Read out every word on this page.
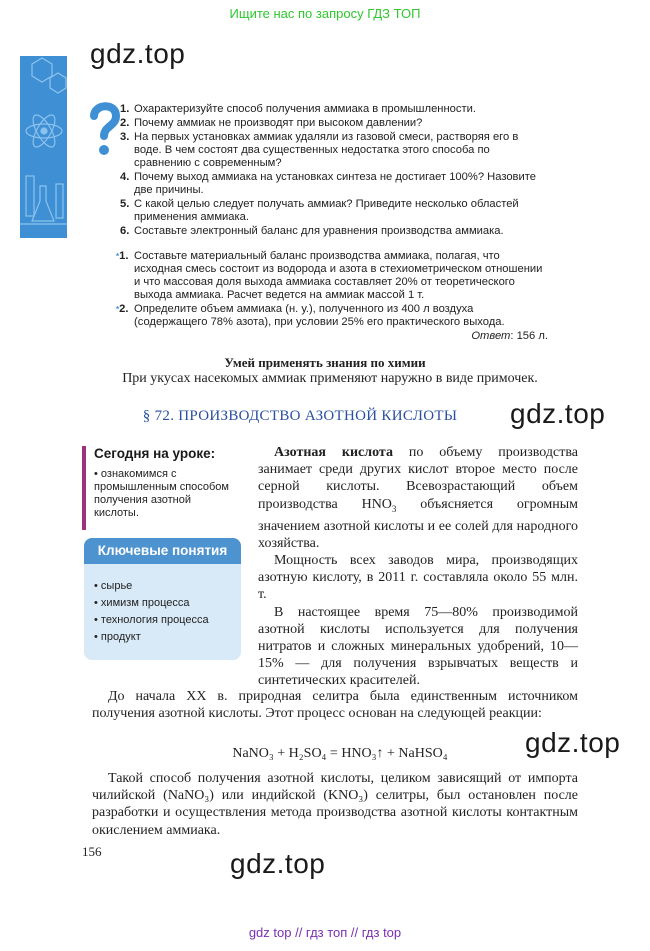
Ищите нас по запросу ГДЗ ТОП
gdz.top
gdz.top
gdz.top
gdz.top
1. Охарактеризуйте способ получения аммиака в промышленности.
2. Почему аммиак не производят при высоком давлении?
3. На первых установках аммиак удаляли из газовой смеси, растворяя его в воде. В чем состоят два существенных недостатка этого способа по сравнению с современным?
4. Почему выход аммиака на установках синтеза не достигает 100%? Назовите две причины.
5. С какой целью следует получать аммиак? Приведите несколько областей применения аммиака.
6. Составьте электронный баланс для уравнения производства аммиака.
*1. Составьте материальный баланс производства аммиака, полагая, что исходная смесь состоит из водорода и азота в стехиометрическом отношении и что массовая доля выхода аммиака составляет 20% от теоретического выхода аммиака. Расчет ведется на аммиак массой 1 т.
*2. Определите объем аммиака (н. у.), полученного из 400 л воздуха (содержащего 78% азота), при условии 25% его практического выхода.
Ответ: 156 л.
Умей применять знания по химии
При укусах насекомых аммиак применяют наружно в виде примочек.
§ 72. ПРОИЗВОДСТВО АЗОТНОЙ КИСЛОТЫ
Сегодня на уроке:
• ознакомимся с промышленным способом получения азотной кислоты.
Ключевые понятия
• сырье
• химизм процесса
• технология процесса
• продукт

Азотная кислота по объему производства занимает среди других кислот второе место после серной кислоты. Всевозрастающий объем производства $HNO_3$ объясняется огромным значением азотной кислоты и ее солей для народного хозяйства.

Мощность всех заводов мира, производящих азотную кислоту, в 2011 г. составляла около 55 млн. т.

В настоящее время 75—80% производимой азотной кислоты используется для получения нитратов и сложных минеральных удобрений, 10—15% — для получения взрывчатых веществ и синтетических красителей.

До начала XX в. природная селитра была единственным источником получения азотной кислоты. Этот процесс основан на следующей реакции:

NaNO₃ + H₂SO₄ = HNO₃↑ + NaHSO₄

Такой способ получения азотной кислоты, целиком зависящий от импорта чилийской (NaNO₃) или индийской (KNO₃) селитры, был остановлен после разработки и осуществления метода производства азотной кислоты контактным окислением аммиака.

156
gdz top // гдз топ // гдз top
